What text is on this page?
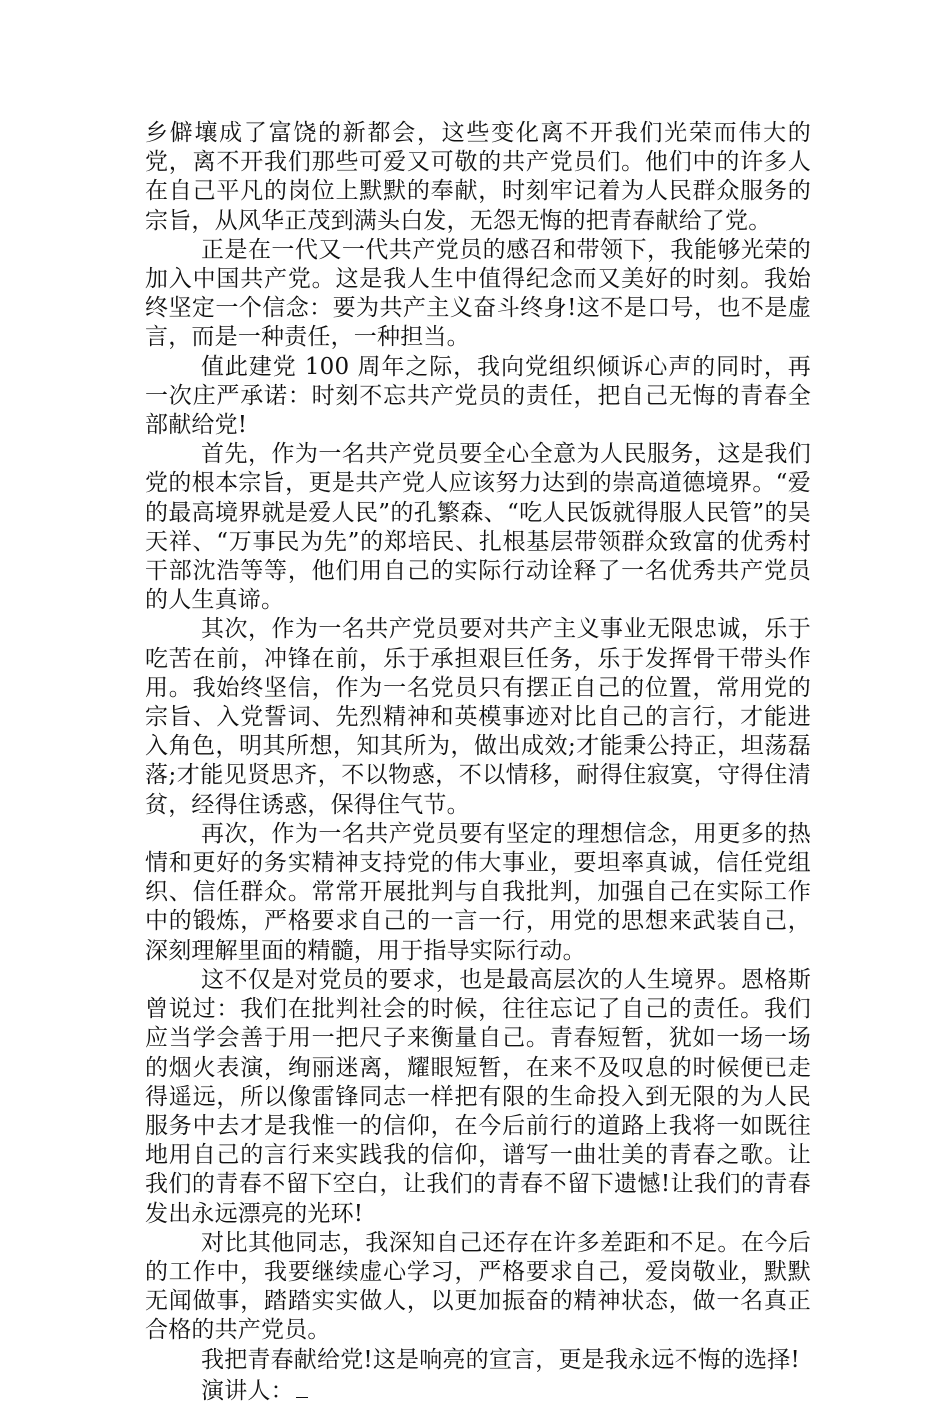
乡僻壤成了富饶的新都会，这些变化离不开我们光荣而伟大的党，离不开我们那些可爱又可敬的共产党员们。他们中的许多人在自己平凡的岗位上默默的奉献，时刻牢记着为人民群众服务的宗旨，从风华正茂到满头白发，无怨无悔的把青春献给了党。

正是在一代又一代共产党员的感召和带领下，我能够光荣的加入中国共产党。这是我人生中值得纪念而又美好的时刻。我始终坚定一个信念：要为共产主义奋斗终身!这不是口号，也不是虚言，而是一种责任，一种担当。

值此建党 100 周年之际，我向党组织倾诉心声的同时，再一次庄严承诺：时刻不忘共产党员的责任，把自己无悔的青春全部献给党!

首先，作为一名共产党员要全心全意为人民服务，这是我们党的根本宗旨，更是共产党人应该努力达到的崇高道德境界。“爱的最高境界就是爱人民”的孔繁森、“吃人民饭就得服人民管”的吴天祥、“万事民为先”的郑培民、扎根基层带领群众致富的优秀村干部沈浩等等，他们用自己的实际行动诠释了一名优秀共产党员的人生真谛。

其次，作为一名共产党员要对共产主义事业无限忠诚，乐于吃苦在前，冲锋在前，乐于承担艰巨任务，乐于发挥骨干带头作用。我始终坚信，作为一名党员只有摆正自己的位置，常用党的宗旨、入党誓词、先烈精神和英模事迹对比自己的言行，才能进入角色，明其所想，知其所为，做出成效;才能秉公持正，坦荡磊落;才能见贤思齐，不以物惑，不以情移，耐得住寂寞，守得住清贫，经得住诱惑，保得住气节。

再次，作为一名共产党员要有坚定的理想信念，用更多的热情和更好的务实精神支持党的伟大事业，要坦率真诚，信任党组织、信任群众。常常开展批判与自我批判，加强自己在实际工作中的锻炼，严格要求自己的一言一行，用党的思想来武装自己，深刻理解里面的精髓，用于指导实际行动。

这不仅是对党员的要求，也是最高层次的人生境界。恩格斯曾说过：我们在批判社会的时候，往往忘记了自己的责任。我们应当学会善于用一把尺子来衡量自己。青春短暂，犹如一场一场的烟火表演，绚丽迷离，耀眼短暂，在来不及叹息的时候便已走得遥远，所以像雷锋同志一样把有限的生命投入到无限的为人民服务中去才是我惟一的信仰，在今后前行的道路上我将一如既往地用自己的言行来实践我的信仰，谱写一曲壮美的青春之歌。让我们的青春不留下空白，让我们的青春不留下遗憾!让我们的青春发出永远漂亮的光环!

对比其他同志，我深知自己还存在许多差距和不足。在今后的工作中，我要继续虚心学习，严格要求自己，爱岗敬业，默默无闻做事，踏踏实实做人，以更加振奋的精神状态，做一名真正合格的共产党员。

我把青春献给党!这是响亮的宣言，更是我永远不悔的选择!

演讲人：
